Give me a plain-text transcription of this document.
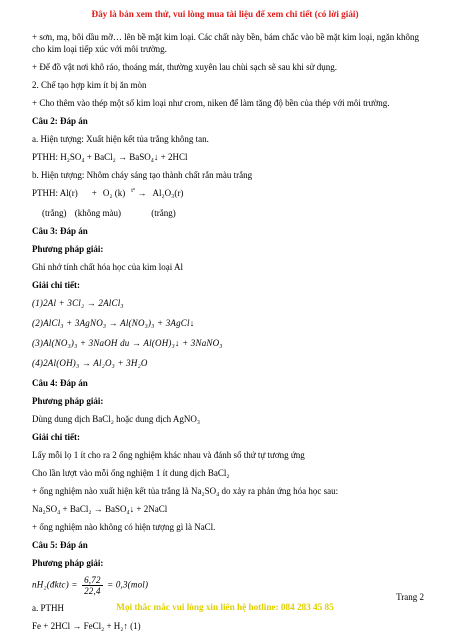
Đây là bản xem thử, vui lòng mua tài liệu để xem chi tiết (có lời giải)

+ sơn, mạ, bôi dầu mỡ… lên bề mặt kim loại. Các chất này bền, bám chắc vào bề mặt kim loại, ngăn không cho kim loại tiếp xúc với môi trường.

+ Để đồ vật nơi khô ráo, thoáng mát, thường xuyên lau chùi sạch sẽ sau khi sử dụng.

2. Chế tạo hợp kim ít bị ăn mòn

+ Cho thêm vào thép một số kim loại như crom, niken để làm tăng độ bền của thép với môi trường.

Câu 2: Đáp án

a. Hiện tượng: Xuất hiện kết tủa trắng không tan.

PTHH: H₂SO₄ + BaCl₂ → BaSO₄↓ + 2HCl

b. Hiện tượng: Nhôm cháy sáng tạo thành chất rắn màu trắng

PTHH: Al(r) + O₂ (k) $^{t^\circ}$ → Al₂O₃(r)

(trắng) (không màu)	(trắng)

Câu 3: Đáp án

Phương pháp giải:

Ghi nhớ tính chất hóa học của kim loại Al

Giải chi tiết:

(1)2Al + 3Cl₂ → 2AlCl₃

(2)AlCl₃ + 3AgNO₃ → Al(NO₃)₃ + 3AgCl↓

(3)Al(NO₃)₃ + 3NaOH du → Al(OH)₃↓ + 3NaNO₃

(4)2Al(OH)₃ → Al₂O₃ + 3H₂O

Câu 4: Đáp án

Phương pháp giải:

Dùng dung dịch BaCl₂ hoặc dung dịch AgNO₃

Giải chi tiết:

Lấy mỗi lọ 1 ít cho ra 2 ống nghiệm khác nhau và đánh số thứ tự tương ứng

Cho lần lượt vào mỗi ống nghiệm 1 ít dung dịch BaCl₂

+ ống nghiệm nào xuất hiện kết tủa trắng là Na₂SO₄ do xảy ra phản ứng hóa học sau:

Na₂SO₄ + BaCl₂ → BaSO₄↓ + 2NaCl

+ ống nghiệm nào không có hiện tượng gì là NaCl.

Câu 5: Đáp án

Phương pháp giải:

nH₂(đktc) = $\frac{6,72}{22,4} = 0,3(mol)$

a. PTHH

Fe + 2HCl → FeCl₂ + H₂↑ (1)

Trang 2
Mọi thắc mắc vui lòng xin liên hệ hotline: 084 283 45 85
